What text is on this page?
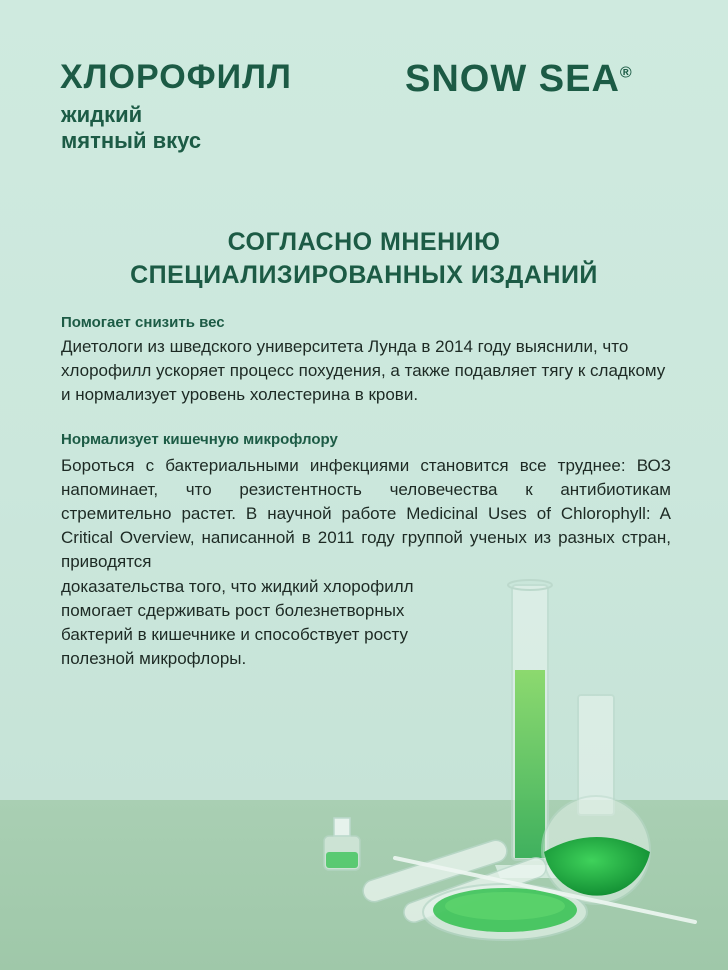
ХЛОРОФИЛЛ

жидкий

мятный вкус

SNOW SEA®
СОГЛАСНО МНЕНИЮ
СПЕЦИАЛИЗИРОВАННЫХ ИЗДАНИЙ
Помогает снизить вес

Диетологи из шведского университета Лунда в 2014 году выяснили, что хлорофилл ускоряет процесс похудения, а также подавляет тягу к сладкому и нормализует уровень холестерина в крови.

Нормализует кишечную микрофлору

Бороться с бактериальными инфекциями становится все труднее: ВОЗ напоминает, что резистентность человечества к антибиотикам стремительно растет. В научной работе Medicinal Uses of Chlorophyll: A Critical Overview, написанной в 2011 году группой ученых из разных стран, приводятся

доказательства того, что жидкий хлорофилл помогает сдерживать рост болезнетворных бактерий в кишечнике и способствует росту полезной микрофлоры.
